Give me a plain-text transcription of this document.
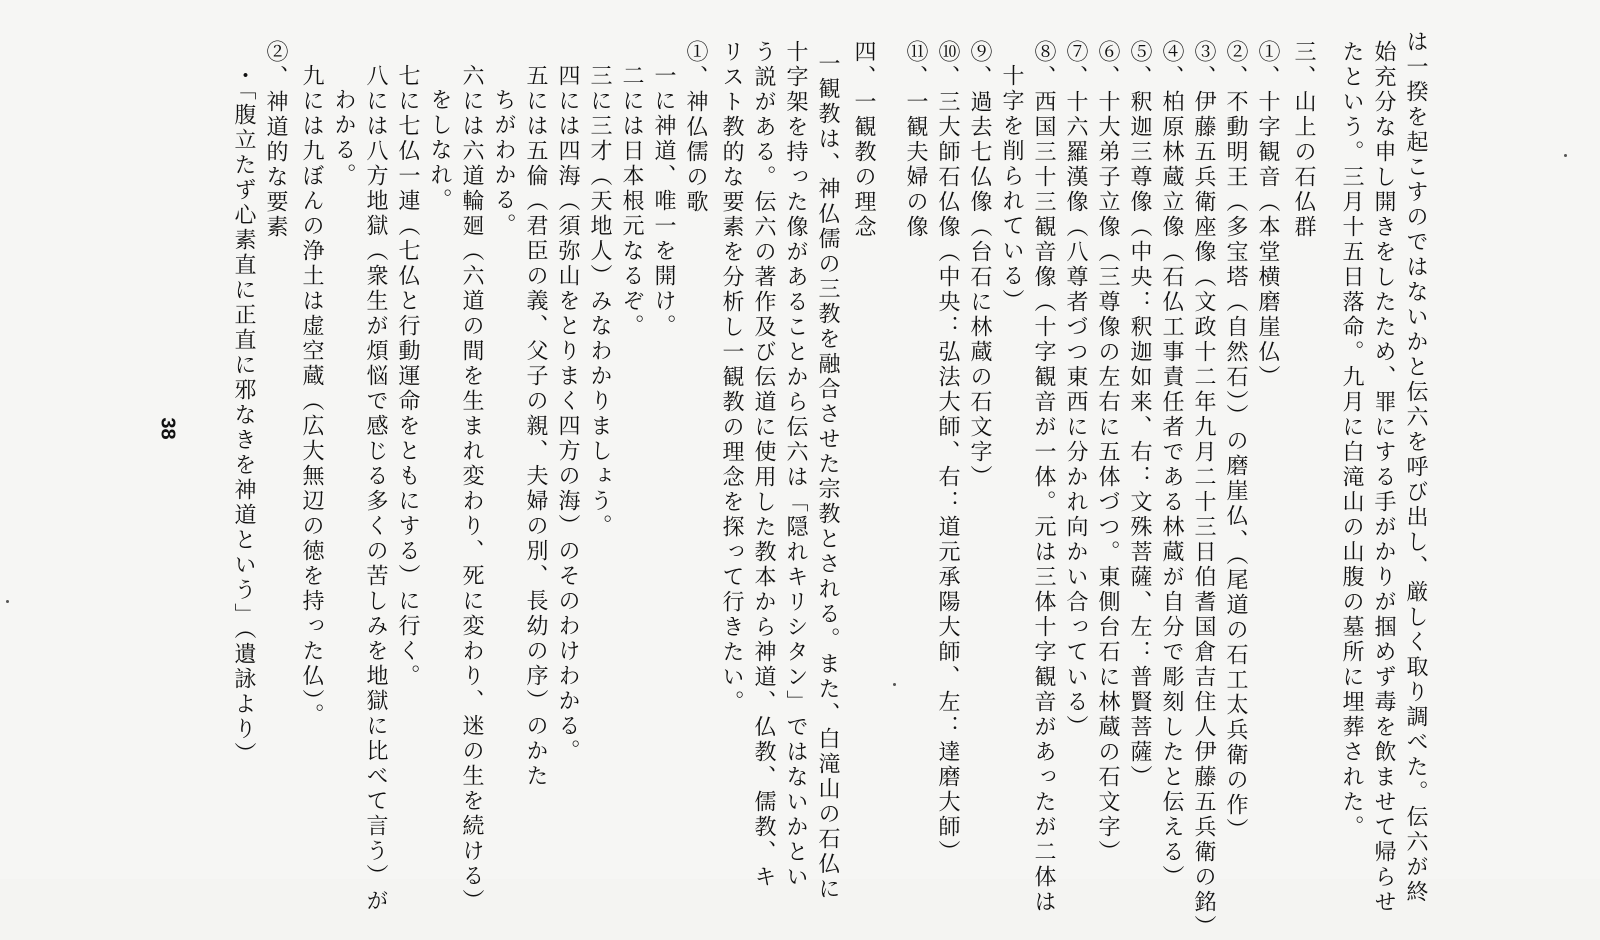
は一揆を起こすのではないかと伝六を呼び出し、厳しく取り調べた。伝六が終
始充分な申し開きをしたため、罪にする手がかりが掴めず毒を飲ませて帰らせ
たという。三月十五日落命。九月に白滝山の山腹の墓所に埋葬された。
三、山上の石仏群
①、十字観音（本堂横磨崖仏）
②、不動明王（多宝塔（自然石））の磨崖仏、（尾道の石工太兵衛の作）
③、伊藤五兵衛座像（文政十二年九月二十三日伯耆国倉吉住人伊藤五兵衛の銘）
④、柏原林蔵立像（石仏工事責任者である林蔵が自分で彫刻したと伝える）
⑤、釈迦三尊像（中央：釈迦如来、右：文殊菩薩、左：普賢菩薩）
⑥、十大弟子立像（三尊像の左右に五体づつ。東側台石に林蔵の石文字）
⑦、十六羅漢像（八尊者づつ東西に分かれ向かい合っている）
⑧、西国三十三観音像（十字観音が一体。元は三体十字観音があったが二体は
十字を削られている）
⑨、過去七仏像（台石に林蔵の石文字）
⑩、三大師石仏像（中央：弘法大師、右：道元承陽大師、左：達磨大師）
⑪、一観夫婦の像
四、一観教の理念
一観教は、神仏儒の三教を融合させた宗教とされる。また、白滝山の石仏に
十字架を持った像があることから伝六は「隠れキリシタン」ではないかとい
う説がある。伝六の著作及び伝道に使用した教本から神道、仏教、儒教、キ
リスト教的な要素を分析し一観教の理念を探って行きたい。
①、神仏儒の歌
一に神道、唯一を開け。
二には日本根元なるぞ。
三に三才（天地人）みなわかりましょう。
四には四海（須弥山をとりまく四方の海）のそのわけわかる。
五には五倫（君臣の義、父子の親、夫婦の別、長幼の序）のかた
ちがわかる。
六には六道輪廻（六道の間を生まれ変わり、死に変わり、迷の生を続ける）
をしなれ。
七に七仏一連（七仏と行動運命をともにする）に行く。
八には八方地獄（衆生が煩悩で感じる多くの苦しみを地獄に比べて言う）が
わかる。
九には九ぼんの浄土は虚空蔵（広大無辺の徳を持った仏）。
②、神道的な要素
・「腹立たず心素直に正直に邪なきを神道という」（遺詠より）
38
